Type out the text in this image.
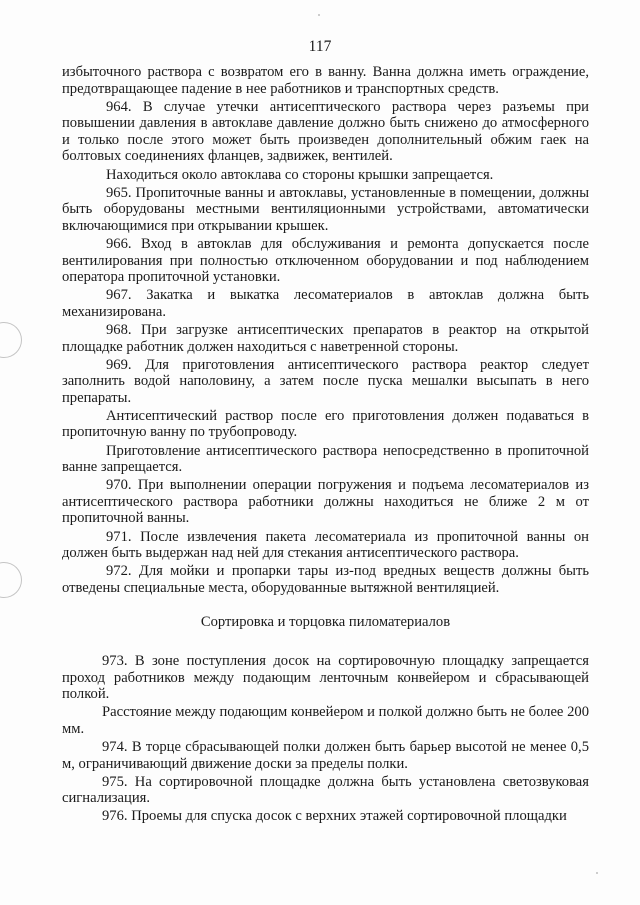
117

избыточного раствора с возвратом его в ванну. Ванна должна иметь ограждение, предотвращающее падение в нее работников и транспортных средств.

964. В случае утечки антисептического раствора через разъемы при повышении давления в автоклаве давление должно быть снижено до атмосферного и только после этого может быть произведен дополнительный обжим гаек на болтовых соединениях фланцев, задвижек, вентилей.

Находиться около автоклава со стороны крышки запрещается.

965. Пропиточные ванны и автоклавы, установленные в помещении, должны быть оборудованы местными вентиляционными устройствами, автоматически включающимися при открывании крышек.

966. Вход в автоклав для обслуживания и ремонта допускается после вентилирования при полностью отключенном оборудовании и под наблюдением оператора пропиточной установки.

967. Закатка и выкатка лесоматериалов в автоклав должна быть механизирована.

968. При загрузке антисептических препаратов в реактор на открытой площадке работник должен находиться с наветренной стороны.

969. Для приготовления антисептического раствора реактор следует заполнить водой наполовину, а затем после пуска мешалки высыпать в него препараты.

Антисептический раствор после его приготовления должен подаваться в пропиточную ванну по трубопроводу.

Приготовление антисептического раствора непосредственно в пропиточной ванне запрещается.

970. При выполнении операции погружения и подъема лесоматериалов из антисептического раствора работники должны находиться не ближе 2 м от пропиточной ванны.

971. После извлечения пакета лесоматериала из пропиточной ванны он должен быть выдержан над ней для стекания антисептического раствора.

972. Для мойки и пропарки тары из-под вредных веществ должны быть отведены специальные места, оборудованные вытяжной вентиляцией.

Сортировка и торцовка пиломатериалов

973. В зоне поступления досок на сортировочную площадку запрещается проход работников между подающим ленточным конвейером и сбрасывающей полкой.

Расстояние между подающим конвейером и полкой должно быть не более 200 мм.

974. В торце сбрасывающей полки должен быть барьер высотой не менее 0,5 м, ограничивающий движение доски за пределы полки.

975. На сортировочной площадке должна быть установлена светозвуковая сигнализация.

976. Проемы для спуска досок с верхних этажей сортировочной площадки
